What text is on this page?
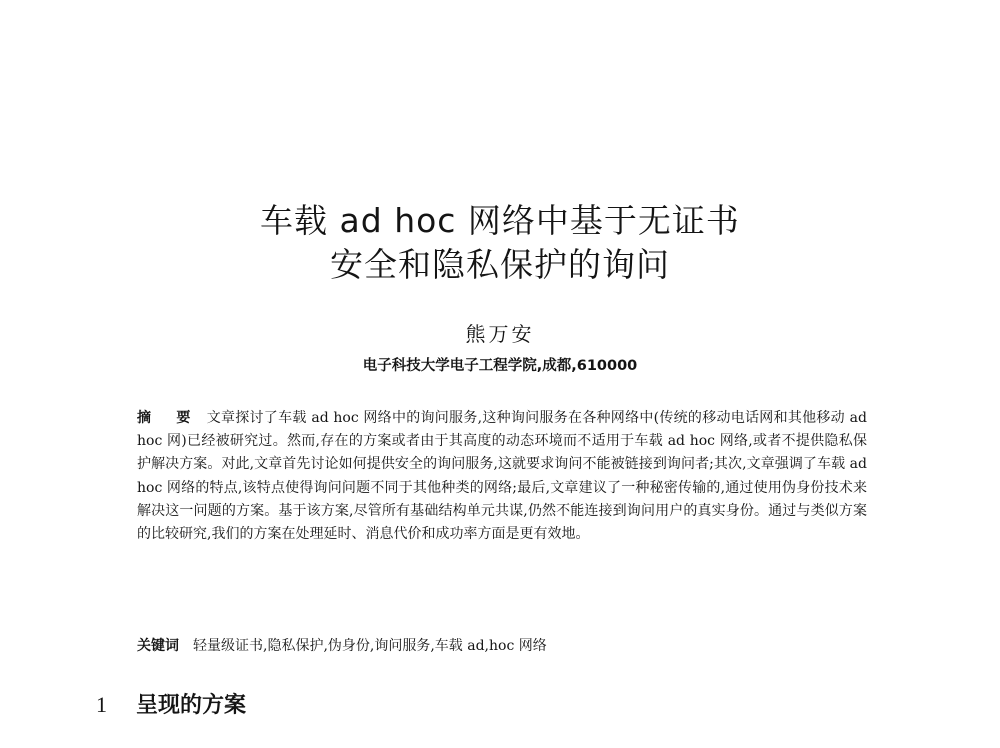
车载 ad hoc 网络中基于无证书
安全和隐私保护的询问
熊万安
电子科技大学电子工程学院,成都,610000

摘 要 文章探讨了车载 ad hoc 网络中的询问服务,这种询问服务在各种网络中(传统的移动电话网和其他移动 ad hoc 网)已经被研究过。然而,存在的方案或者由于其高度的动态环境而不适用于车载 ad hoc 网络,或者不提供隐私保护解决方案。对此,文章首先讨论如何提供安全的询问服务,这就要求询问不能被链接到询问者;其次,文章强调了车载 ad hoc 网络的特点,该特点使得询问问题不同于其他种类的网络;最后,文章建议了一种秘密传输的,通过使用伪身份技术来解决这一问题的方案。基于该方案,尽管所有基础结构单元共谋,仍然不能连接到询问用户的真实身份。通过与类似方案的比较研究,我们的方案在处理延时、消息代价和成功率方面是更有效地。

关键词 轻量级证书,隐私保护,伪身份,询问服务,车载 ad,hoc 网络
1 呈现的方案
